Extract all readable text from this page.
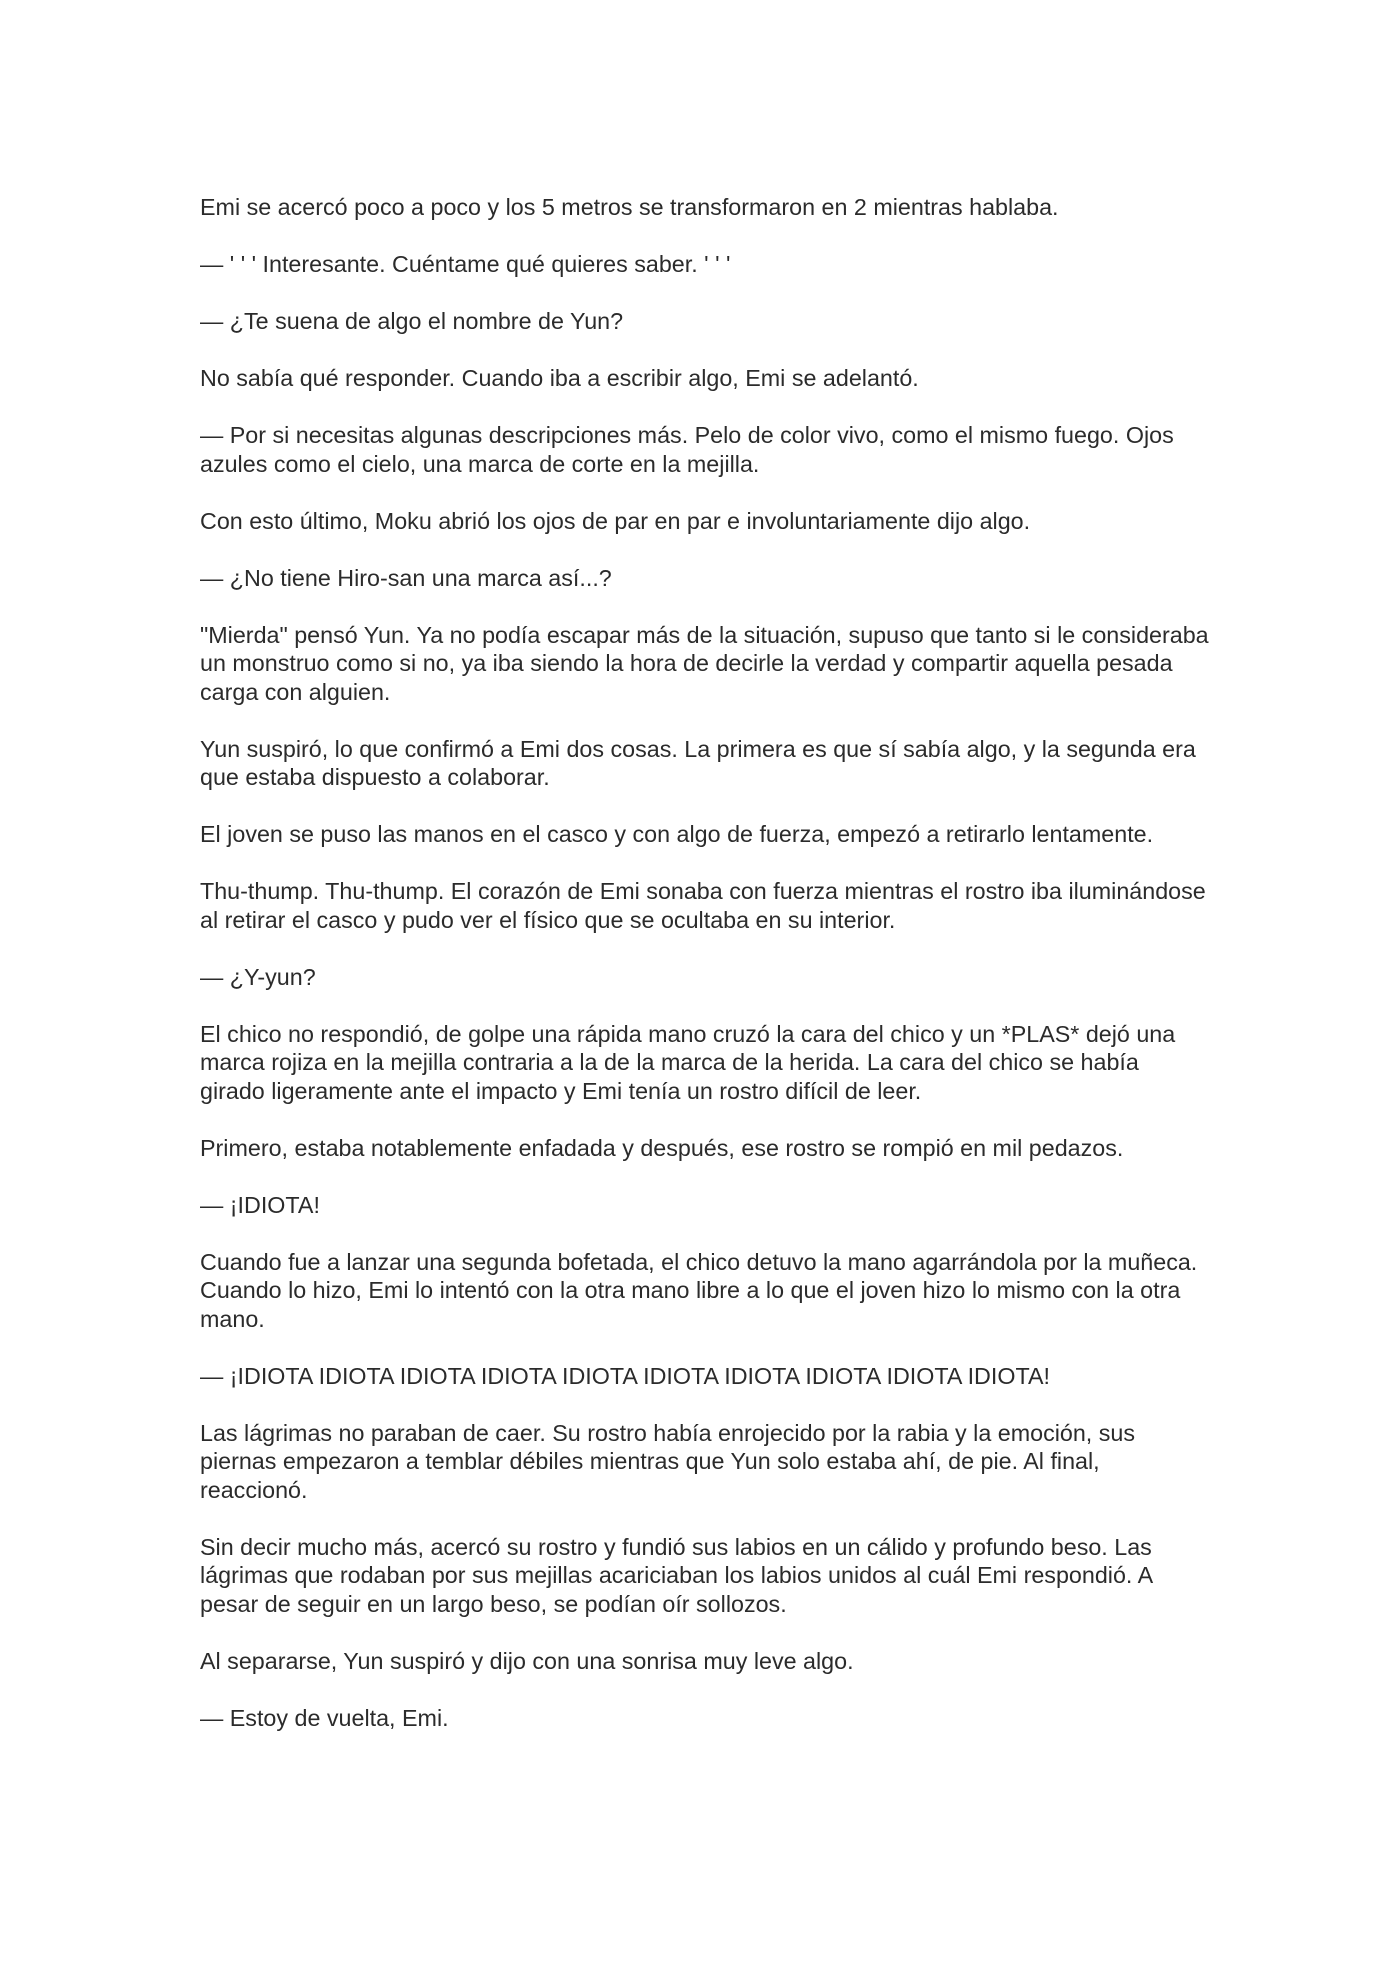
Emi se acercó poco a poco y los 5 metros se transformaron en 2 mientras hablaba.

— ' ' ' Interesante. Cuéntame qué quieres saber. ' ' '

— ¿Te suena de algo el nombre de Yun?

No sabía qué responder. Cuando iba a escribir algo, Emi se adelantó.

— Por si necesitas algunas descripciones más. Pelo de color vivo, como el mismo fuego. Ojos azules como el cielo, una marca de corte en la mejilla.

Con esto último, Moku abrió los ojos de par en par e involuntariamente dijo algo.

— ¿No tiene Hiro-san una marca así...?

"Mierda" pensó Yun. Ya no podía escapar más de la situación, supuso que tanto si le consideraba un monstruo como si no, ya iba siendo la hora de decirle la verdad y compartir aquella pesada carga con alguien.

Yun suspiró, lo que confirmó a Emi dos cosas. La primera es que sí sabía algo, y la segunda era que estaba dispuesto a colaborar.

El joven se puso las manos en el casco y con algo de fuerza, empezó a retirarlo lentamente.

Thu-thump. Thu-thump. El corazón de Emi sonaba con fuerza mientras el rostro iba iluminándose al retirar el casco y pudo ver el físico que se ocultaba en su interior.

— ¿Y-yun?

El chico no respondió, de golpe una rápida mano cruzó la cara del chico y un *PLAS* dejó una marca rojiza en la mejilla contraria a la de la marca de la herida. La cara del chico se había girado ligeramente ante el impacto y Emi tenía un rostro difícil de leer.

Primero, estaba notablemente enfadada y después, ese rostro se rompió en mil pedazos.

— ¡IDIOTA!

Cuando fue a lanzar una segunda bofetada, el chico detuvo la mano agarrándola por la muñeca. Cuando lo hizo, Emi lo intentó con la otra mano libre a lo que el joven hizo lo mismo con la otra mano.

— ¡IDIOTA IDIOTA IDIOTA IDIOTA IDIOTA IDIOTA IDIOTA IDIOTA IDIOTA IDIOTA!

Las lágrimas no paraban de caer. Su rostro había enrojecido por la rabia y la emoción, sus piernas empezaron a temblar débiles mientras que Yun solo estaba ahí, de pie. Al final, reaccionó.

Sin decir mucho más, acercó su rostro y fundió sus labios en un cálido y profundo beso. Las lágrimas que rodaban por sus mejillas acariciaban los labios unidos al cuál Emi respondió. A pesar de seguir en un largo beso, se podían oír sollozos.

Al separarse, Yun suspiró y dijo con una sonrisa muy leve algo.

— Estoy de vuelta, Emi.
